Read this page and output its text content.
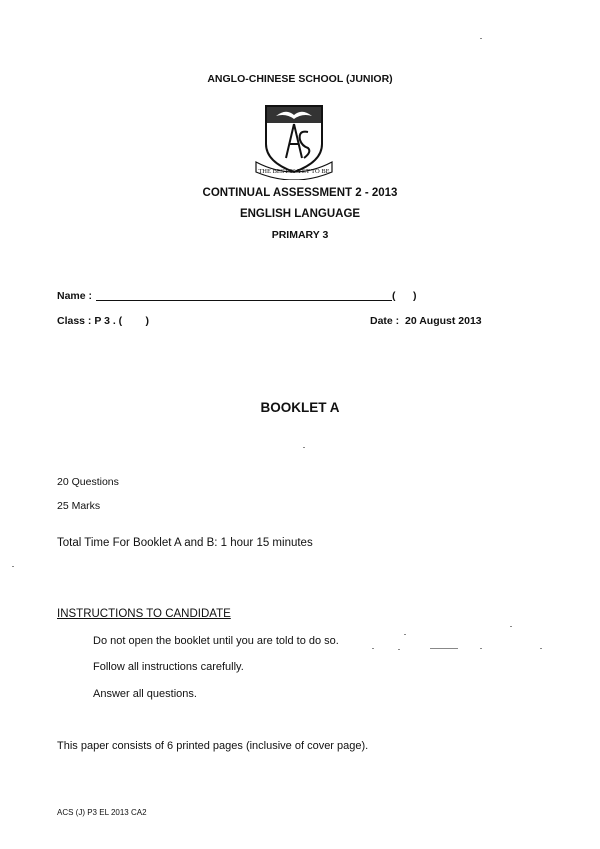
ANGLO-CHINESE SCHOOL (JUNIOR)
THE BEST IS YET TO BE
CONTINUAL ASSESSMENT 2 - 2013
ENGLISH LANGUAGE
PRIMARY 3
Name :	(      )
Class : P 3 . (        )	Date :  20 August 2013
BOOKLET A
20 Questions
25 Marks
Total Time For Booklet A and B: 1 hour 15 minutes
INSTRUCTIONS TO CANDIDATE
Do not open the booklet until you are told to do so.
Follow all instructions carefully.
Answer all questions.
This paper consists of 6 printed pages (inclusive of cover page).
ACS (J) P3 EL 2013 CA2
